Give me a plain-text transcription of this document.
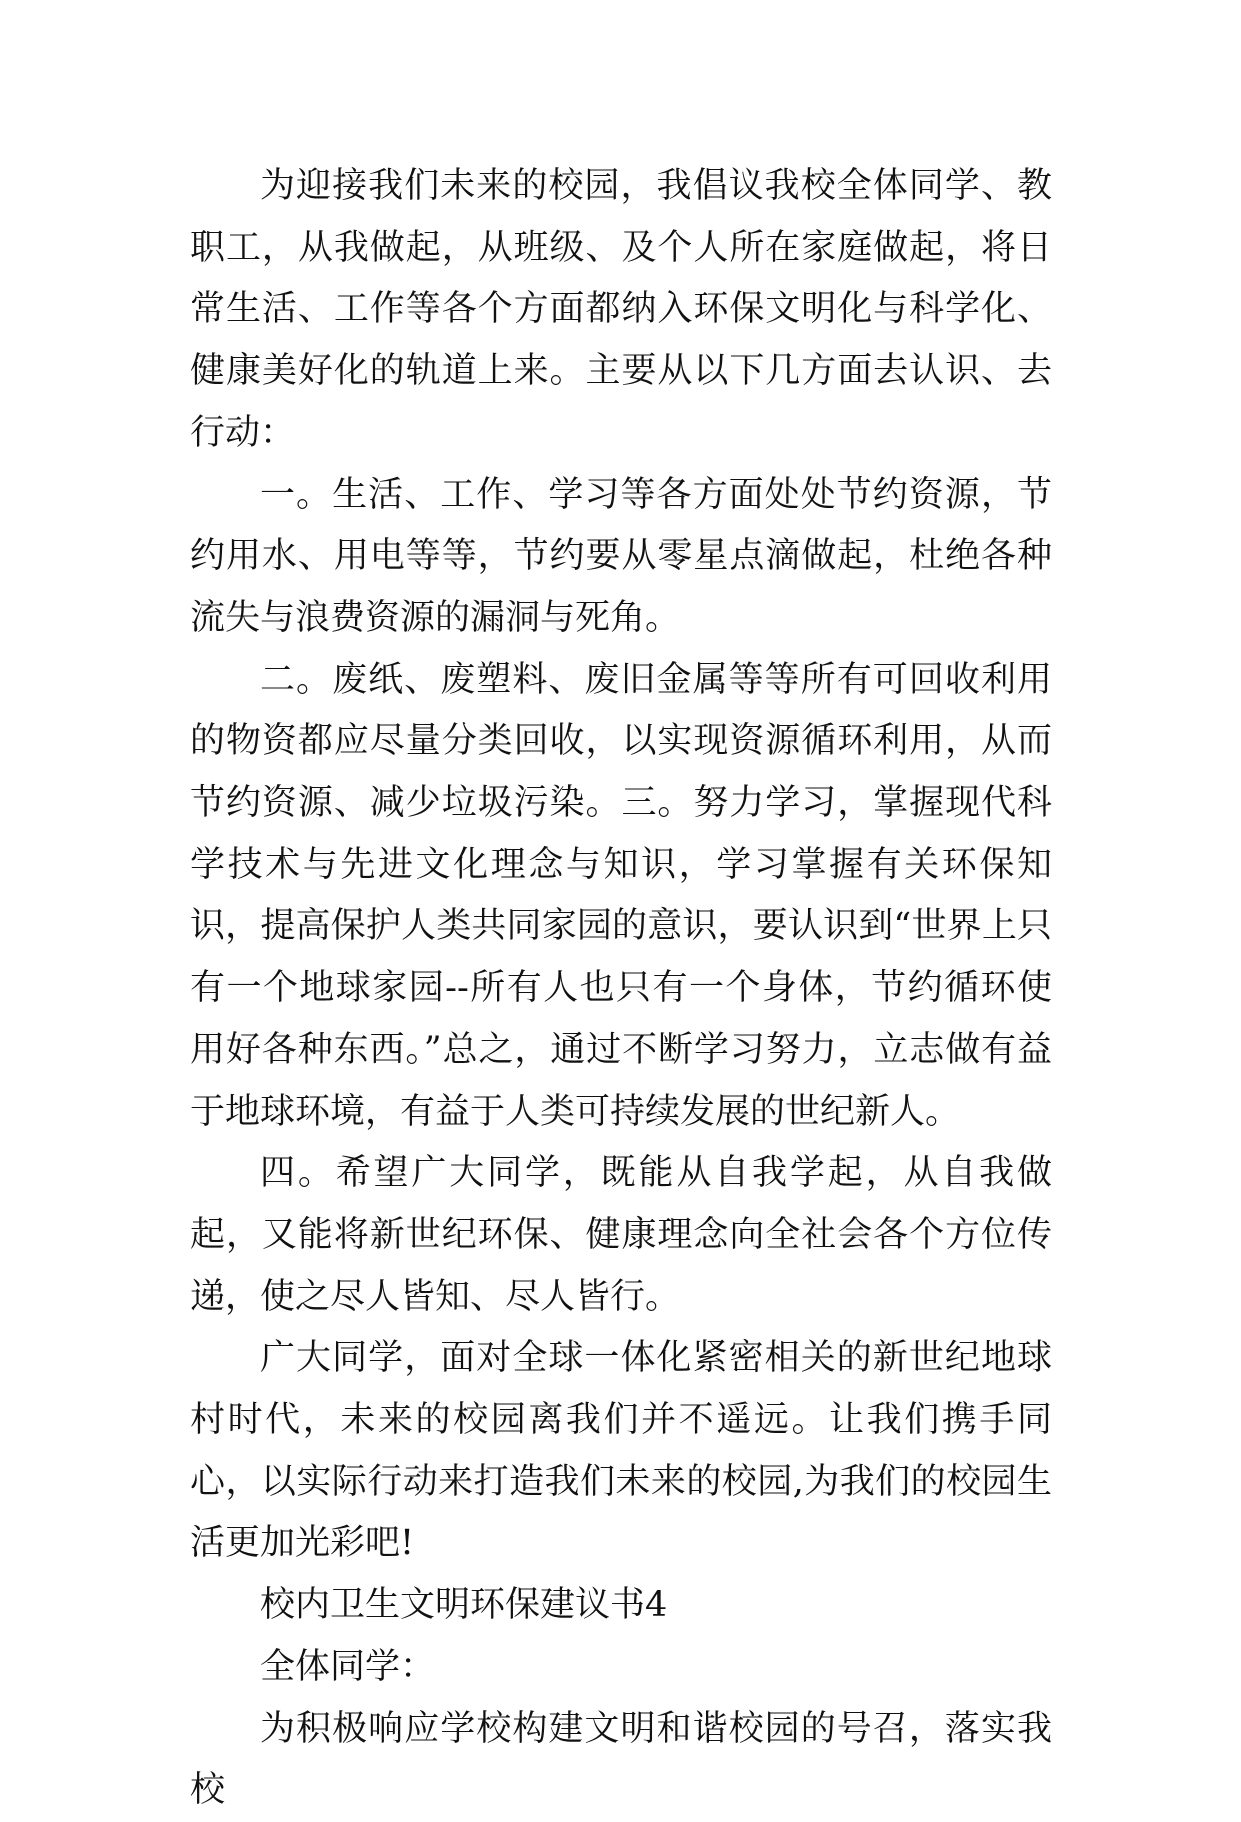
为迎接我们未来的校园，我倡议我校全体同学、教职工，从我做起，从班级、及个人所在家庭做起，将日常生活、工作等各个方面都纳入环保文明化与科学化、健康美好化的轨道上来。主要从以下几方面去认识、去行动：

一。生活、工作、学习等各方面处处节约资源，节约用水、用电等等，节约要从零星点滴做起，杜绝各种流失与浪费资源的漏洞与死角。

二。废纸、废塑料、废旧金属等等所有可回收利用的物资都应尽量分类回收，以实现资源循环利用，从而节约资源、减少垃圾污染。三。努力学习，掌握现代科学技术与先进文化理念与知识，学习掌握有关环保知识，提高保护人类共同家园的意识，要认识到“世界上只有一个地球家园--所有人也只有一个身体，节约循环使用好各种东西。”总之，通过不断学习努力，立志做有益于地球环境，有益于人类可持续发展的世纪新人。

四。希望广大同学，既能从自我学起，从自我做起，又能将新世纪环保、健康理念向全社会各个方位传递，使之尽人皆知、尽人皆行。

广大同学，面对全球一体化紧密相关的新世纪地球村时代，未来的校园离我们并不遥远。让我们携手同心，以实际行动来打造我们未来的校园,为我们的校园生活更加光彩吧!

校内卫生文明环保建议书4

全体同学：

为积极响应学校构建文明和谐校园的号召，落实我校
